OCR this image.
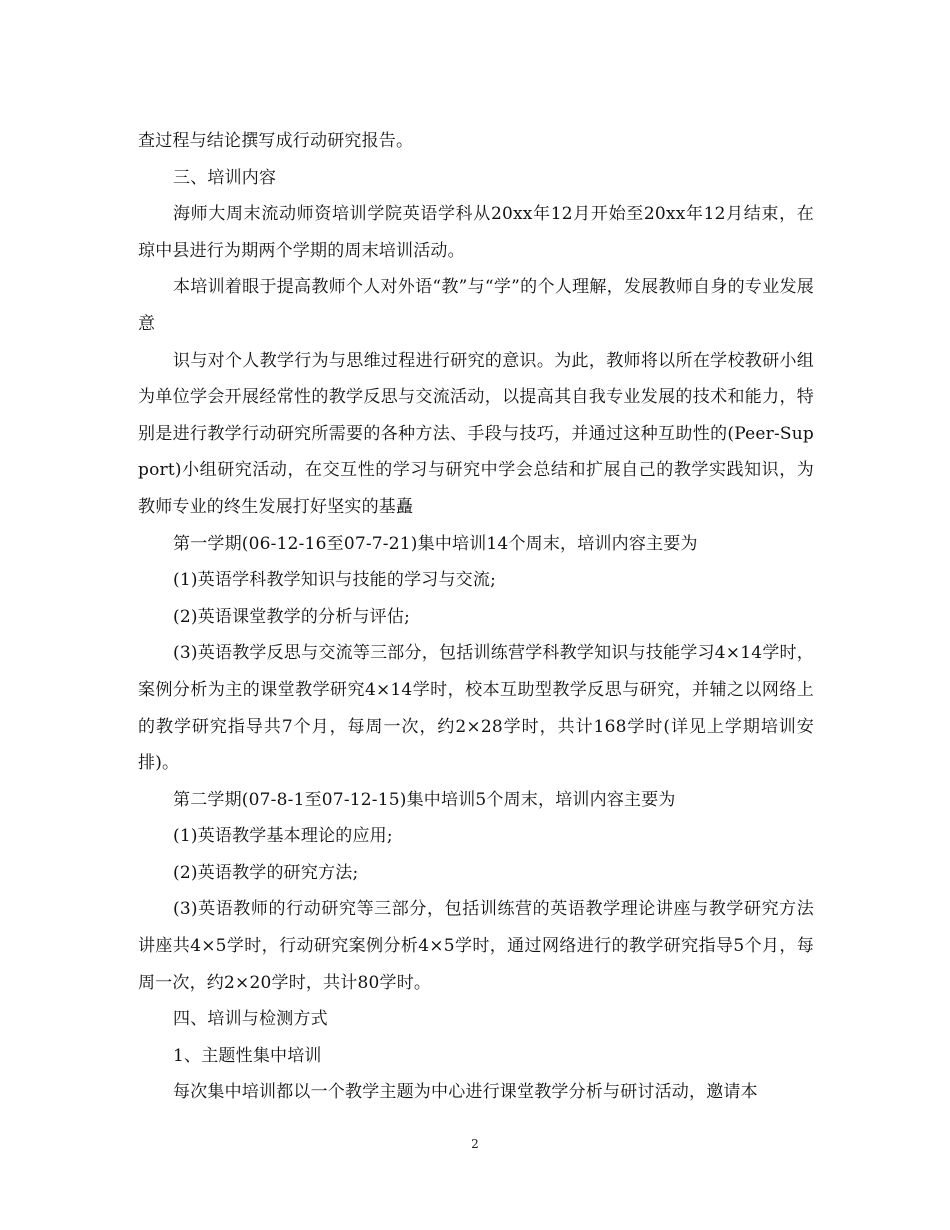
查过程与结论撰写成行动研究报告。

三、培训内容

海师大周末流动师资培训学院英语学科从20xx年12月开始至20xx年12月结束，在琼中县进行为期两个学期的周末培训活动。

本培训着眼于提高教师个人对外语“教”与“学”的个人理解，发展教师自身的专业发展意

识与对个人教学行为与思维过程进行研究的意识。为此，教师将以所在学校教研小组为单位学会开展经常性的教学反思与交流活动，以提高其自我专业发展的技术和能力，特别是进行教学行动研究所需要的各种方法、手段与技巧，并通过这种互助性的(Peer-Support)小组研究活动，在交互性的学习与研究中学会总结和扩展自己的教学实践知识，为教师专业的终生发展打好坚实的基矗

第一学期(06-12-16至07-7-21)集中培训14个周末，培训内容主要为

(1)英语学科教学知识与技能的学习与交流;

(2)英语课堂教学的分析与评估;

(3)英语教学反思与交流等三部分，包括训练营学科教学知识与技能学习4×14学时，案例分析为主的课堂教学研究4×14学时，校本互助型教学反思与研究，并辅之以网络上的教学研究指导共7个月，每周一次，约2×28学时，共计168学时(详见上学期培训安排)。

第二学期(07-8-1至07-12-15)集中培训5个周末，培训内容主要为

(1)英语教学基本理论的应用;

(2)英语教学的研究方法;

(3)英语教师的行动研究等三部分，包括训练营的英语教学理论讲座与教学研究方法讲座共4×5学时，行动研究案例分析4×5学时，通过网络进行的教学研究指导5个月，每周一次，约2×20学时，共计80学时。

四、培训与检测方式

1、主题性集中培训

每次集中培训都以一个教学主题为中心进行课堂教学分析与研讨活动，邀请本

2
